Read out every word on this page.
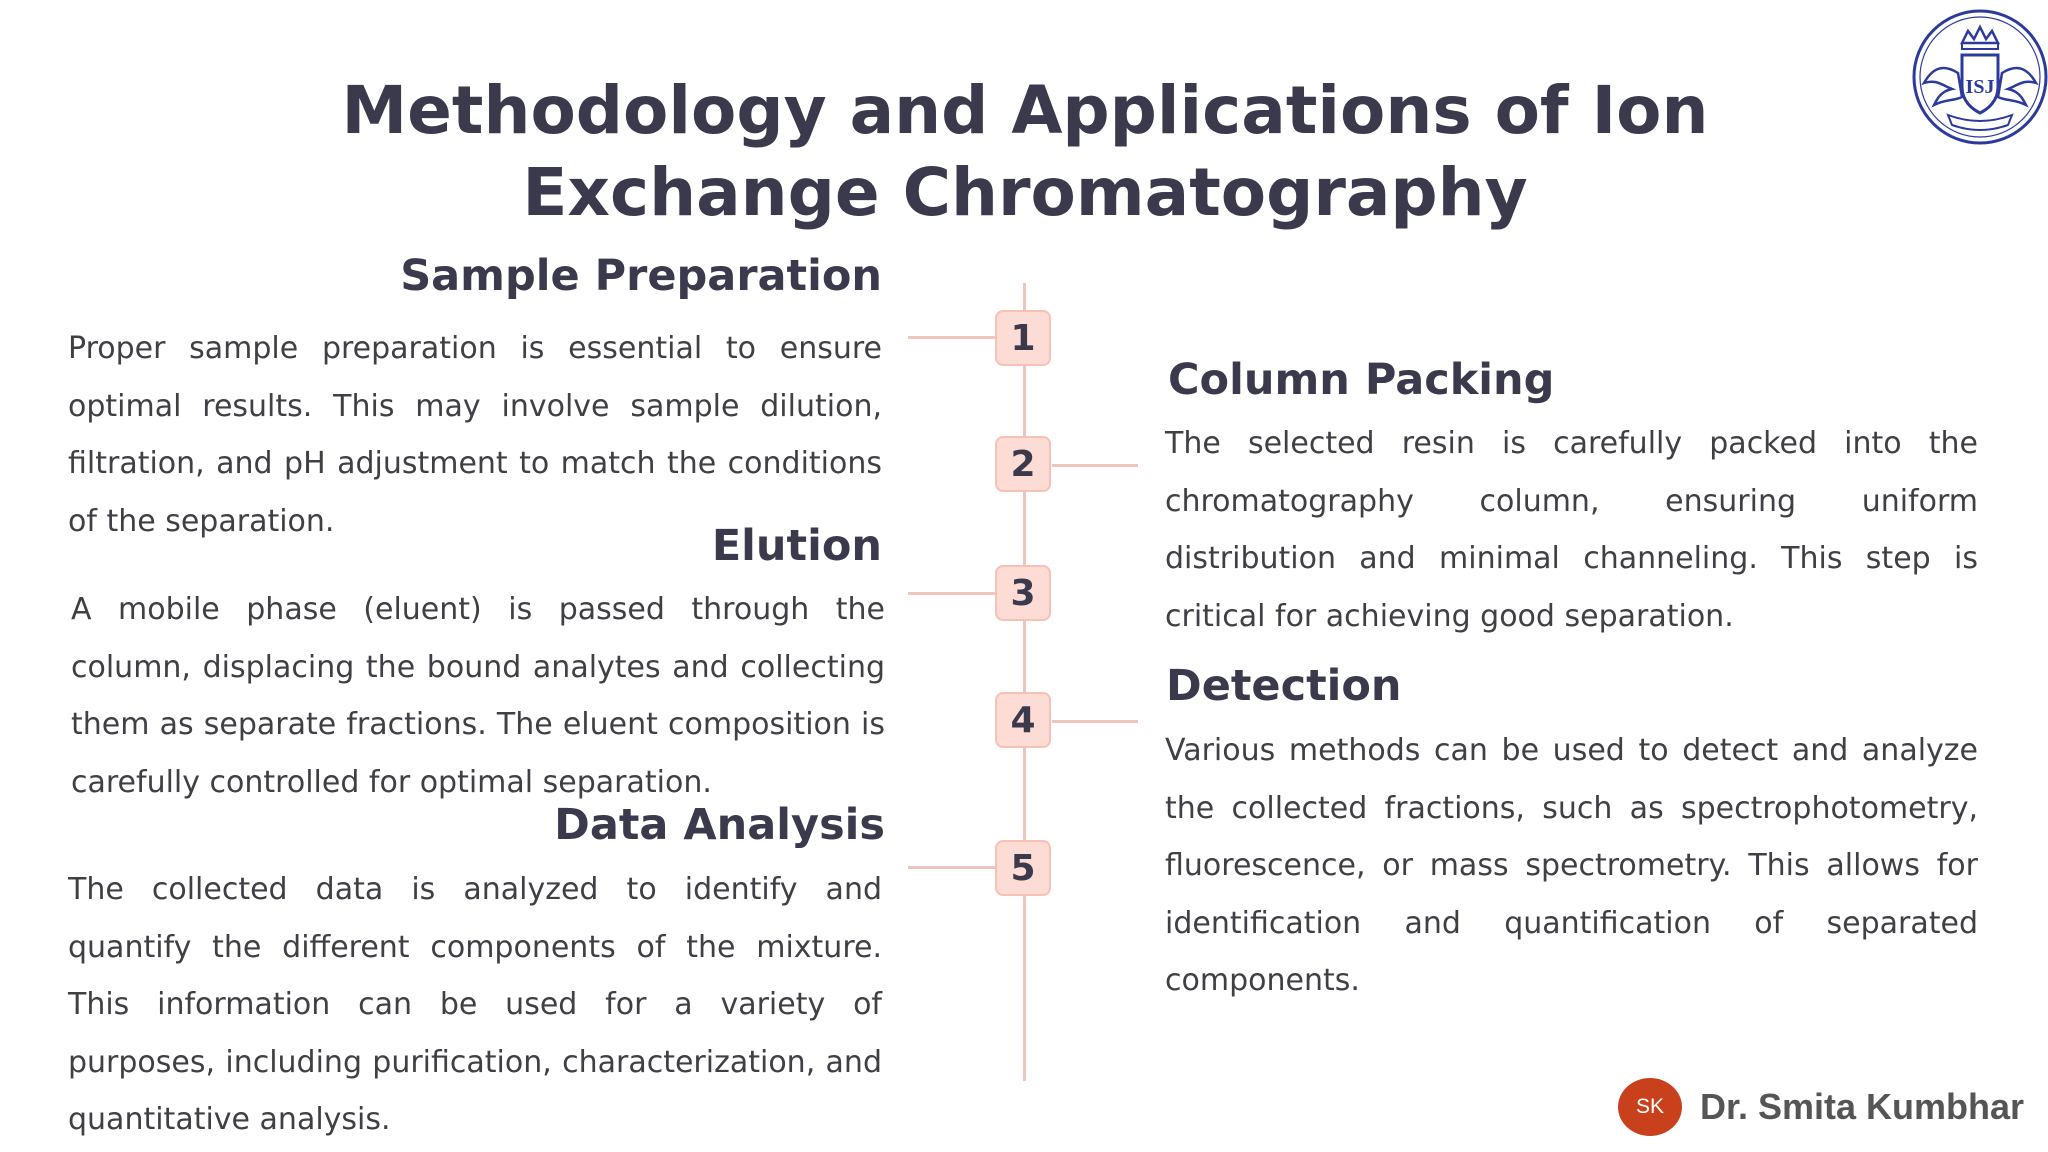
Methodology and Applications of Ion Exchange Chromatography
ISJ
1
2
3
4
5
Sample Preparation

Proper sample preparation is essential to ensure optimal results. This may involve sample dilution, filtration, and pH adjustment to match the conditions of the separation.

Column Packing

The selected resin is carefully packed into the chromatography column, ensuring uniform distribution and minimal channeling. This step is critical for achieving good separation.

Elution

A mobile phase (eluent) is passed through the column, displacing the bound analytes and collecting them as separate fractions. The eluent composition is carefully controlled for optimal separation.

Detection

Various methods can be used to detect and analyze the collected fractions, such as spectrophotometry, fluorescence, or mass spectrometry. This allows for identification and quantification of separated components.

Data Analysis

The collected data is analyzed to identify and quantify the different components of the mixture. This information can be used for a variety of purposes, including purification, characterization, and quantitative analysis.	SK	Dr. Smita Kumbhar
